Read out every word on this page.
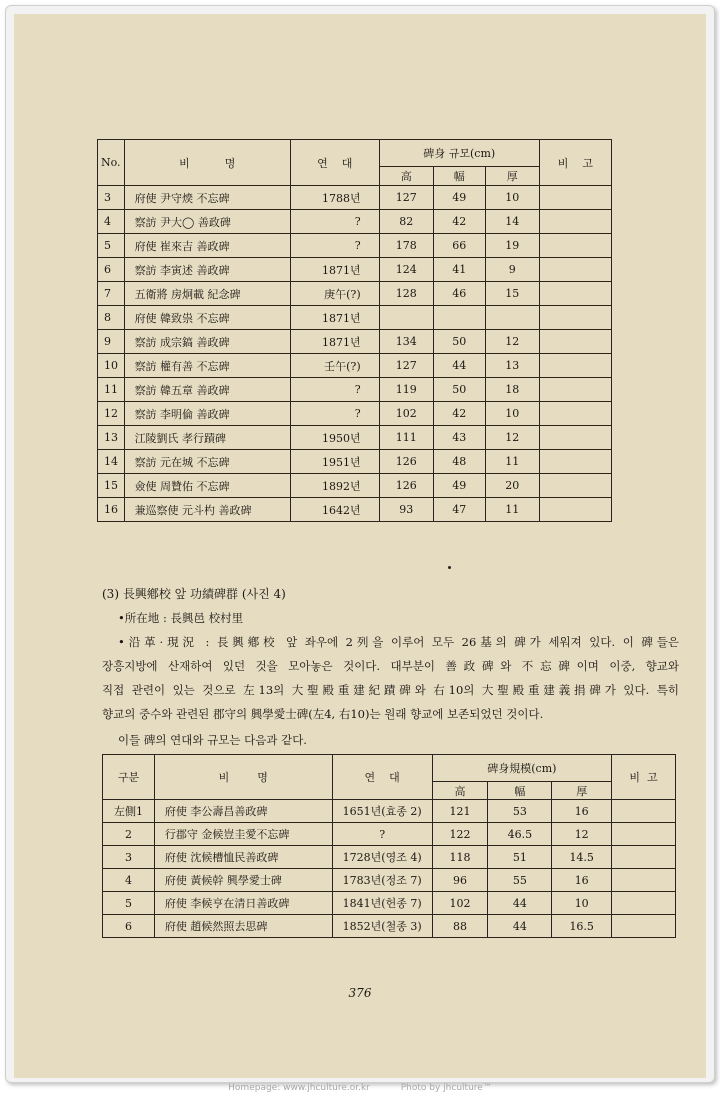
No.	비          명	연    대	碑身 규모(cm)			비    고
			高	幅	厚	
3	府使 尹守㷜 不忘碑	1788년	127	49	10	
4	察訪 尹大◯ 善政碑	?	82	42	14	
5	府使 崔來吉 善政碑	?	178	66	19	
6	察訪 李寅述 善政碑	1871년	124	41	9	
7	五衛將 房炯載 紀念碑	庚午(?)	128	46	15	
8	府使 韓致祟 不忘碑	1871년				
9	察訪 成宗鎬 善政碑	1871년	134	50	12	
10	察訪 權有善 不忘碑	壬午(?)	127	44	13	
11	察訪 韓五章 善政碑	?	119	50	18	
12	察訪 李明倫 善政碑	?	102	42	10	
13	江陵劉氏 孝行蹟碑	1950년	111	43	12	
14	察訪 元在城 不忘碑	1951년	126	48	11	
15	僉使 周贊佑 不忘碑	1892년	126	49	20	
16	兼巡察使 元斗杓 善政碑	1642년	93	47	11	
(3) 長興鄕校 앞 功績碑群 (사진 4)
•所在地 : 長興邑 校村里
•沿革·現況 : 長興鄕校 앞 좌우에 2列을 이루어 모두 26基의 碑가 세워져 있다. 이 碑들은
장흥지방에 산재하여 있던 것을 모아놓은 것이다. 대부분이 善政碑와 不忘碑이며 이중, 향교와
직접 관련이 있는 것으로 左13의 大聖殿重建紀蹟碑와 右10의 大聖殿重建義捐碑가 있다. 특히
향교의 중수와 관련된 郡守의 興學愛士碑(左4, 右10)는 원래 향교에 보존되었던 것이다.
이들 碑의 연대와 규모는 다음과 같다.
구분	비        명	연    대	碑身規模(cm)			비  고
			高	幅	厚	
左側1	府使 李公壽昌善政碑	1651년(효종 2)	121	53	16	
2	行郡守 金候豈圭愛不忘碑	?	122	46.5	12	
3	府使 沈候槽恤民善政碑	1728년(영조 4)	118	51	14.5	
4	府使 黃候幹 興學愛士碑	1783년(정조 7)	96	55	16	
5	府使 李候亨在清日善政碑	1841년(헌종 7)	102	44	10	
6	府使 趙候然照去思碑	1852년(철종 3)	88	44	16.5	
376
Homepage: www.jhculture.or.kr	Photo by jhculture™
